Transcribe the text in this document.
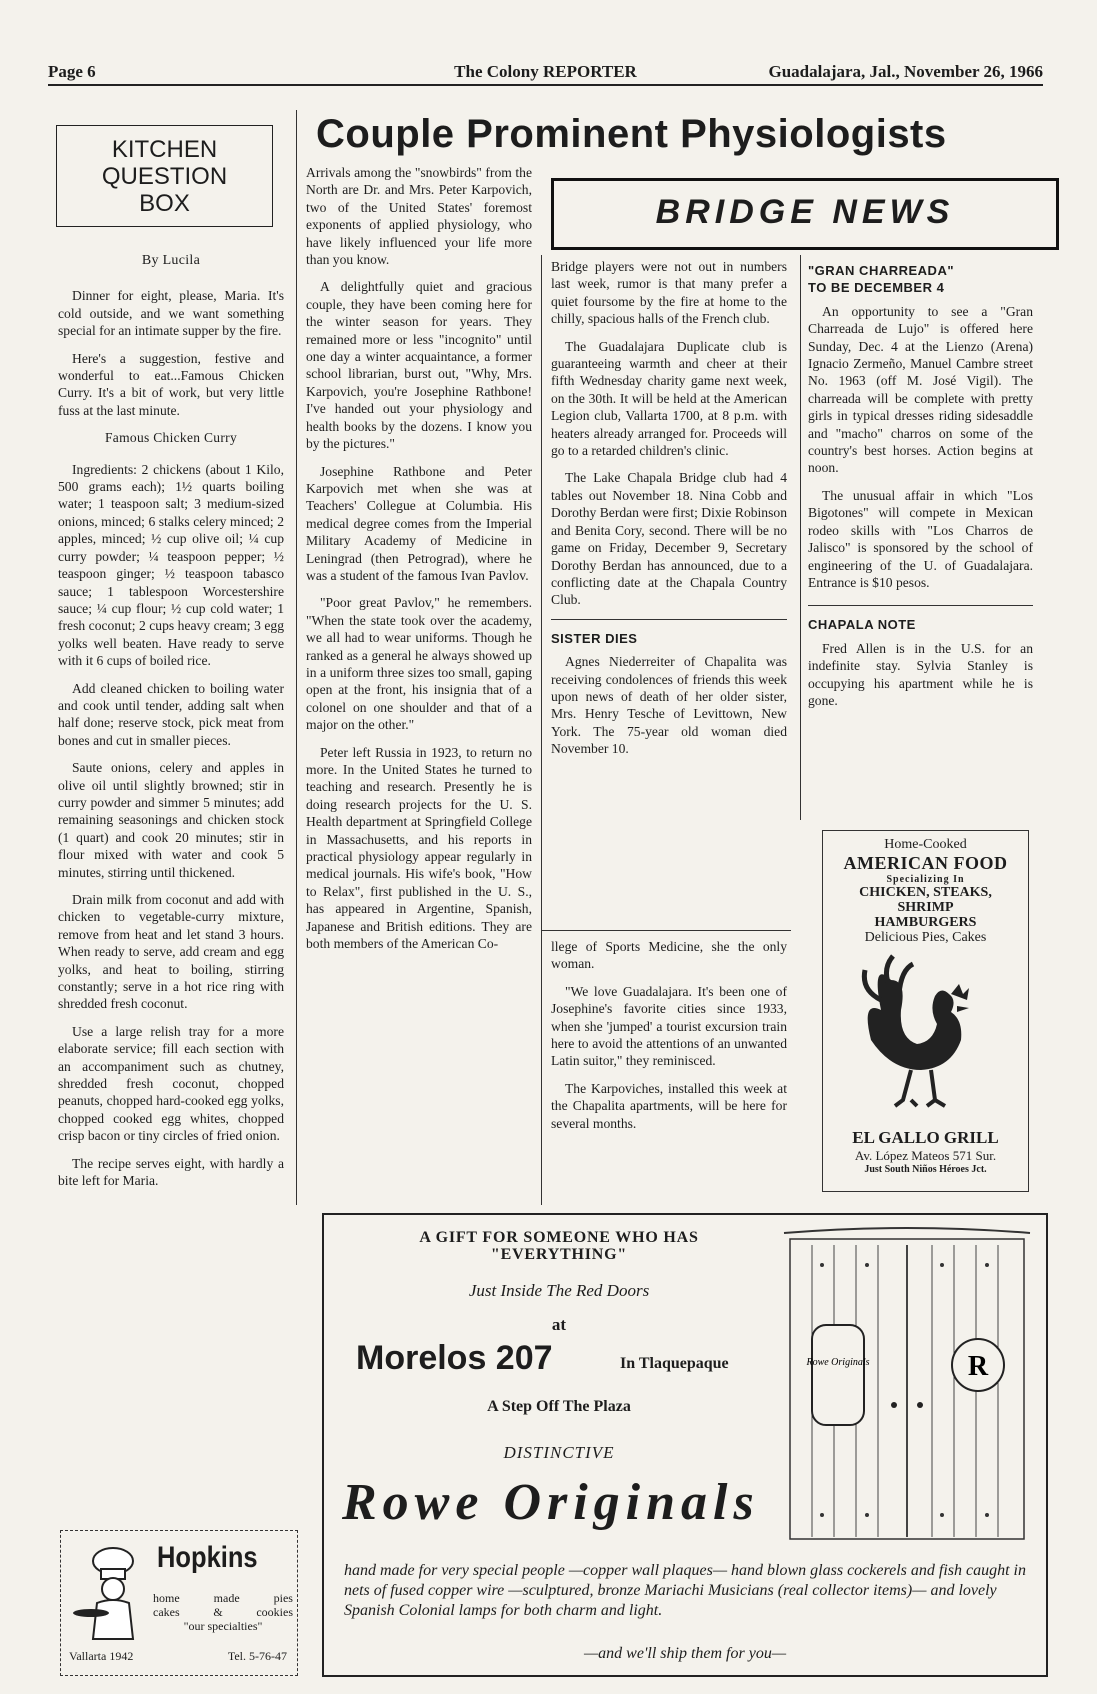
Page 6	The Colony REPORTER	Guadalajara, Jal., November 26, 1966
KITCHEN
QUESTION
BOX
By Lucila

Dinner for eight, please, Maria. It's cold outside, and we want something special for an intimate supper by the fire.

Here's a suggestion, festive and wonderful to eat...Famous Chicken Curry. It's a bit of work, but very little fuss at the last minute.

Famous Chicken Curry

Ingredients: 2 chickens (about 1 Kilo, 500 grams each); 1½ quarts boiling water; 1 teaspoon salt; 3 medium-sized onions, minced; 6 stalks celery minced; 2 apples, minced; ½ cup olive oil; ¼ cup curry powder; ¼ teaspoon pepper; ½ teaspoon ginger; ½ teaspoon tabasco sauce; 1 tablespoon Worcestershire sauce; ¼ cup flour; ½ cup cold water; 1 fresh coconut; 2 cups heavy cream; 3 egg yolks well beaten. Have ready to serve with it 6 cups of boiled rice.

Add cleaned chicken to boiling water and cook until tender, adding salt when half done; reserve stock, pick meat from bones and cut in smaller pieces.

Saute onions, celery and apples in olive oil until slightly browned; stir in curry powder and simmer 5 minutes; add remaining seasonings and chicken stock (1 quart) and cook 20 minutes; stir in flour mixed with water and cook 5 minutes, stirring until thickened.

Drain milk from coconut and add with chicken to vegetable-curry mixture, remove from heat and let stand 3 hours. When ready to serve, add cream and egg yolks, and heat to boiling, stirring constantly; serve in a hot rice ring with shredded fresh coconut.

Use a large relish tray for a more elaborate service; fill each section with an accompaniment such as chutney, shredded fresh coconut, chopped peanuts, chopped hard-cooked egg yolks, chopped cooked egg whites, chopped crisp bacon or tiny circles of fried onion.

The recipe serves eight, with hardly a bite left for Maria.

Hopkins
home	made	pies
cakes	&	cookies
"our specialties"
Vallarta 1942	Tel. 5-76-47
Couple Prominent Physiologists

Arrivals among the "snowbirds" from the North are Dr. and Mrs. Peter Karpovich, two of the United States' foremost exponents of applied physiology, who have likely influenced your life more than you know.

A delightfully quiet and gracious couple, they have been coming here for the winter season for years. They remained more or less "incognito" until one day a winter acquaintance, a former school librarian, burst out, "Why, Mrs. Karpovich, you're Josephine Rathbone! I've handed out your physiology and health books by the dozens. I know you by the pictures."

Josephine Rathbone and Peter Karpovich met when she was at Teachers' Collegue at Columbia. His medical degree comes from the Imperial Military Academy of Medicine in Leningrad (then Petrograd), where he was a student of the famous Ivan Pavlov.

"Poor great Pavlov," he remembers. "When the state took over the academy, we all had to wear uniforms. Though he ranked as a general he always showed up in a uniform three sizes too small, gaping open at the front, his insignia that of a colonel on one shoulder and that of a major on the other."

Peter left Russia in 1923, to return no more. In the United States he turned to teaching and research. Presently he is doing research projects for the U. S. Health department at Springfield College in Massachusetts, and his reports in practical physiology appear regularly in medical journals. His wife's book, "How to Relax", first published in the U. S., has appeared in Argentine, Spanish, Japanese and British editions. They are both members of the American Co-

BRIDGE NEWS

Bridge players were not out in numbers last week, rumor is that many prefer a quiet foursome by the fire at home to the chilly, spacious halls of the French club.

The Guadalajara Duplicate club is guaranteeing warmth and cheer at their fifth Wednesday charity game next week, on the 30th. It will be held at the American Legion club, Vallarta 1700, at 8 p.m. with heaters already arranged for. Proceeds will go to a retarded children's clinic.

The Lake Chapala Bridge club had 4 tables out November 18. Nina Cobb and Dorothy Berdan were first; Dixie Robinson and Benita Cory, second. There will be no game on Friday, December 9, Secretary Dorothy Berdan has announced, due to a conflicting date at the Chapala Country Club.

SISTER DIES

Agnes Niederreiter of Chapalita was receiving condolences of friends this week upon news of death of her older sister, Mrs. Henry Tesche of Levittown, New York. The 75-year old woman died November 10.

llege of Sports Medicine, she the only woman.

"We love Guadalajara. It's been one of Josephine's favorite cities since 1933, when she 'jumped' a tourist excursion train here to avoid the attentions of an unwanted Latin suitor," they reminisced.

The Karpoviches, installed this week at the Chapalita apartments, will be here for several months.

"GRAN CHARREADA"

TO BE DECEMBER 4

An opportunity to see a "Gran Charreada de Lujo" is offered here Sunday, Dec. 4 at the Lienzo (Arena) Ignacio Zermeño, Manuel Cambre street No. 1963 (off M. José Vigil). The charreada will be complete with pretty girls in typical dresses riding sidesaddle and "macho" charros on some of the country's best horses. Action begins at noon.

The unusual affair in which "Los Bigotones" will compete in Mexican rodeo skills with "Los Charros de Jalisco" is sponsored by the school of engineering of the U. of Guadalajara. Entrance is $10 pesos.

CHAPALA NOTE

Fred Allen is in the U.S. for an indefinite stay. Sylvia Stanley is occupying his apartment while he is gone.

Home-Cooked
AMERICAN FOOD
Specializing In
CHICKEN, STEAKS,
SHRIMP
HAMBURGERS
Delicious Pies, Cakes
EL GALLO GRILL
Av. López Mateos 571 Sur.
Just South Niños Héroes Jct.
A GIFT FOR SOMEONE WHO HAS
"EVERYTHING"
Just Inside The Red Doors
at
Morelos 207	In Tlaquepaque
A Step Off The Plaza
DISTINCTIVE
Rowe Originals
Rowe Originals	R
hand made for very special people —copper wall plaques— hand blown glass cockerels and fish caught in nets of fused copper wire —sculptured, bronze Mariachi Musicians (real collector items)— and lovely Spanish Colonial lamps for both charm and light.
—and we'll ship them for you—
